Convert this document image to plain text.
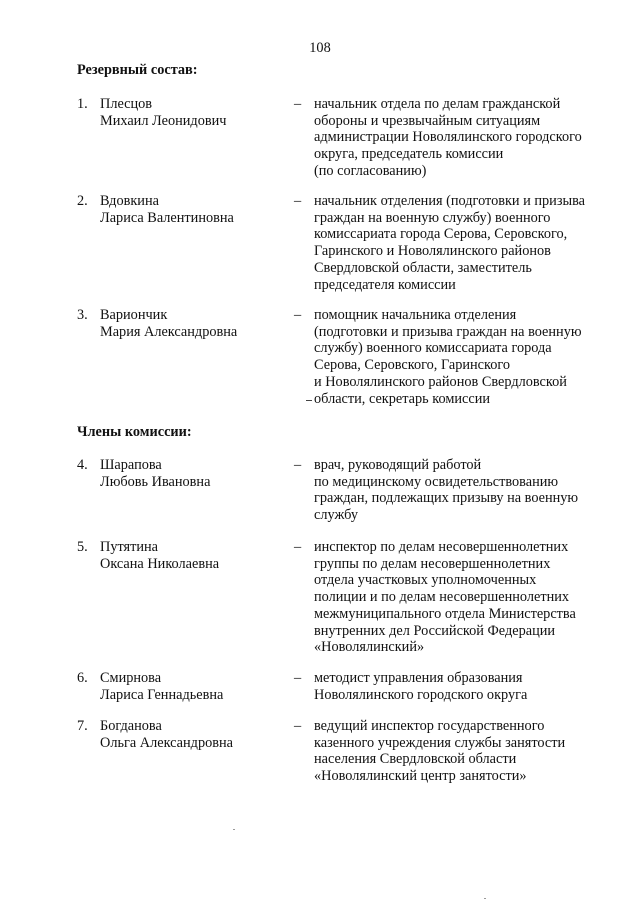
108
Резервный состав:
1. Плесцов
Михаил Леонидович
– начальник отдела по делам гражданской
обороны и чрезвычайным ситуациям
администрации Новолялинского городского
округа, председатель комиссии
(по согласованию)
2. Вдовкина
Лариса Валентиновна
– начальник отделения (подготовки и призыва
граждан на военную службу) военного
комиссариата города Серова, Серовского,
Гаринского и Новолялинского районов
Свердловской области, заместитель
председателя комиссии
3. Вариончик
Мария Александровна
– помощник начальника отделения
(подготовки и призыва граждан на военную
службу) военного комиссариата города
Серова, Серовского, Гаринского
и Новолялинского районов Свердловской
области, секретарь комиссии
Члены комиссии:
4. Шарапова
Любовь Ивановна
– врач, руководящий работой
по медицинскому освидетельствованию
граждан, подлежащих призыву на военную
службу
5. Путятина
Оксана Николаевна
– инспектор по делам несовершеннолетних
группы по делам несовершеннолетних
отдела участковых уполномоченных
полиции и по делам несовершеннолетних
межмуниципального отдела Министерства
внутренних дел Российской Федерации
«Новолялинский»
6. Смирнова
Лариса Геннадьевна
– методист управления образования
Новолялинского городского округа
7. Богданова
Ольга Александровна
– ведущий инспектор государственного
казенного учреждения службы занятости
населения Свердловской области
«Новолялинский центр занятости»
